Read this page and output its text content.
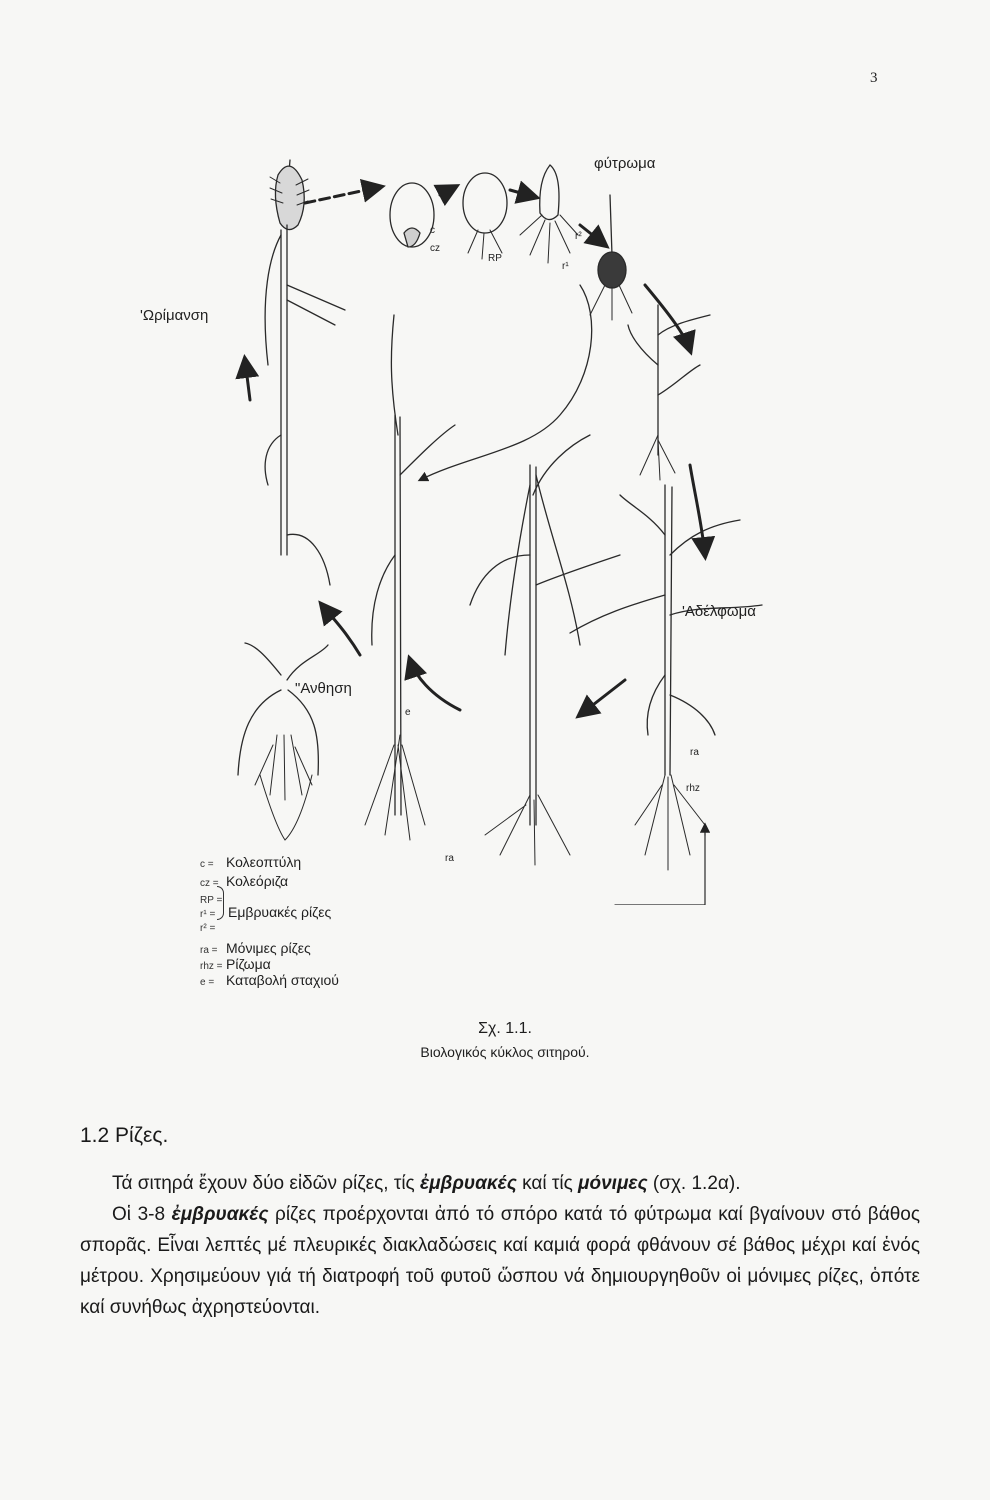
3
'Ωρίμανση
φύτρωμα
'Αδέλφωμα
"Ανθηση
c
cz
RP
r¹
r²
e
ra
rhz
ra
c = Κολεοπτύλη
cz = Κολεόριζα
RP =
r¹ =
r² =
Εμβρυακές ρίζες
ra = Μόνιμες ρίζες
rhz = Ρίζωμα
e = Καταβολή σταχιού
Σχ. 1.1.
Βιολογικός κύκλος σιτηρού.
1.2 Ρίζες.

Τά σιτηρά ἔχουν δύο εἰδῶν ρίζες, τίς ἐμβρυακές καί τίς μόνιμες (σχ. 1.2α).

Οἱ 3-8 ἐμβρυακές ρίζες προέρχονται ἀπό τό σπόρο κατά τό φύτρωμα καί βγαίνουν στό βάθος σπορᾶς. Εἶναι λεπτές μέ πλευρικές διακλαδώσεις καί καμιά φορά φθάνουν σέ βάθος μέχρι καί ἑνός μέτρου. Χρησιμεύουν γιά τή διατροφή τοῦ φυτοῦ ὥσπου νά δημιουργηθοῦν οἱ μόνιμες ρίζες, ὁπότε καί συνήθως ἀχρηστεύονται.
